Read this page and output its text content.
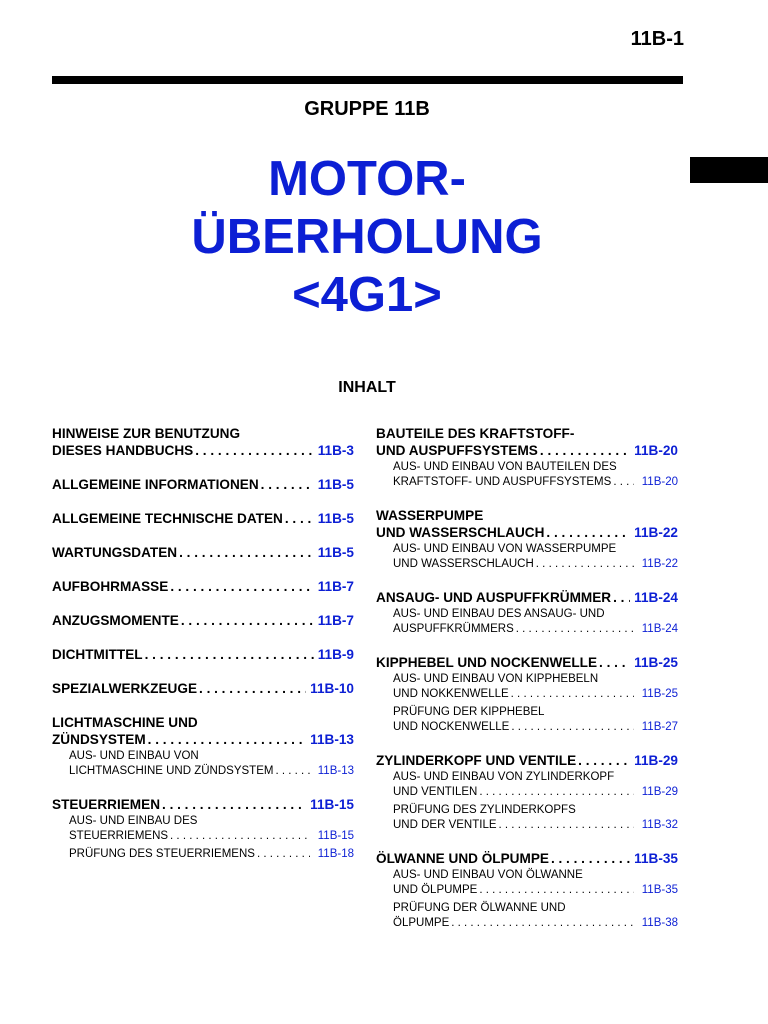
11B-1
GRUPPE 11B
MOTOR-
ÜBERHOLUNG
<4G1>
INHALT
HINWEISE ZUR BENUTZUNG
DIESES HANDBUCHS . . .	11B-3
ALLGEMEINE INFORMATIONEN . . .	11B-5
ALLGEMEINE TECHNISCHE DATEN . . .	11B-5
WARTUNGSDATEN . . .	11B-5
AUFBOHRMASSE . . .	11B-7
ANZUGSMOMENTE . . .	11B-7
DICHTMITTEL . . .	11B-9
SPEZIALWERKZEUGE . . .	11B-10
LICHTMASCHINE UND
ZÜNDSYSTEM . . .	11B-13
AUS- UND EINBAU VON
LICHTMASCHINE UND ZÜNDSYSTEM . . .	11B-13
STEUERRIEMEN . . .	11B-15
AUS- UND EINBAU DES
STEUERRIEMENS . . .	11B-15
PRÜFUNG DES STEUERRIEMENS . . .	11B-18
BAUTEILE DES KRAFTSTOFF-
UND AUSPUFFSYSTEMS . . .	11B-20
AUS- UND EINBAU VON BAUTEILEN DES
KRAFTSTOFF- UND AUSPUFFSYSTEMS . . .	11B-20
WASSERPUMPE
UND WASSERSCHLAUCH . . .	11B-22
AUS- UND EINBAU VON WASSERPUMPE
UND WASSERSCHLAUCH . . .	11B-22
ANSAUG- UND AUSPUFFKRÜMMER . . . 11B-24
AUS- UND EINBAU DES ANSAUG- UND
AUSPUFFKRÜMMERS . . .	11B-24
KIPPHEBEL UND NOCKENWELLE . . .	11B-25
AUS- UND EINBAU VON KIPPHEBELN
UND NOKKENWELLE . . .	11B-25
PRÜFUNG DER KIPPHEBEL
UND NOCKENWELLE . . .	11B-27
ZYLINDERKOPF UND VENTILE . . .	11B-29
AUS- UND EINBAU VON ZYLINDERKOPF
UND VENTILEN . . .	11B-29
PRÜFUNG DES ZYLINDERKOPFS
UND DER VENTILE . . .	11B-32
ÖLWANNE UND ÖLPUMPE . . .	11B-35
AUS- UND EINBAU VON ÖLWANNE
UND ÖLPUMPE . . .	11B-35
PRÜFUNG DER ÖLWANNE UND
ÖLPUMPE . . .	11B-38
